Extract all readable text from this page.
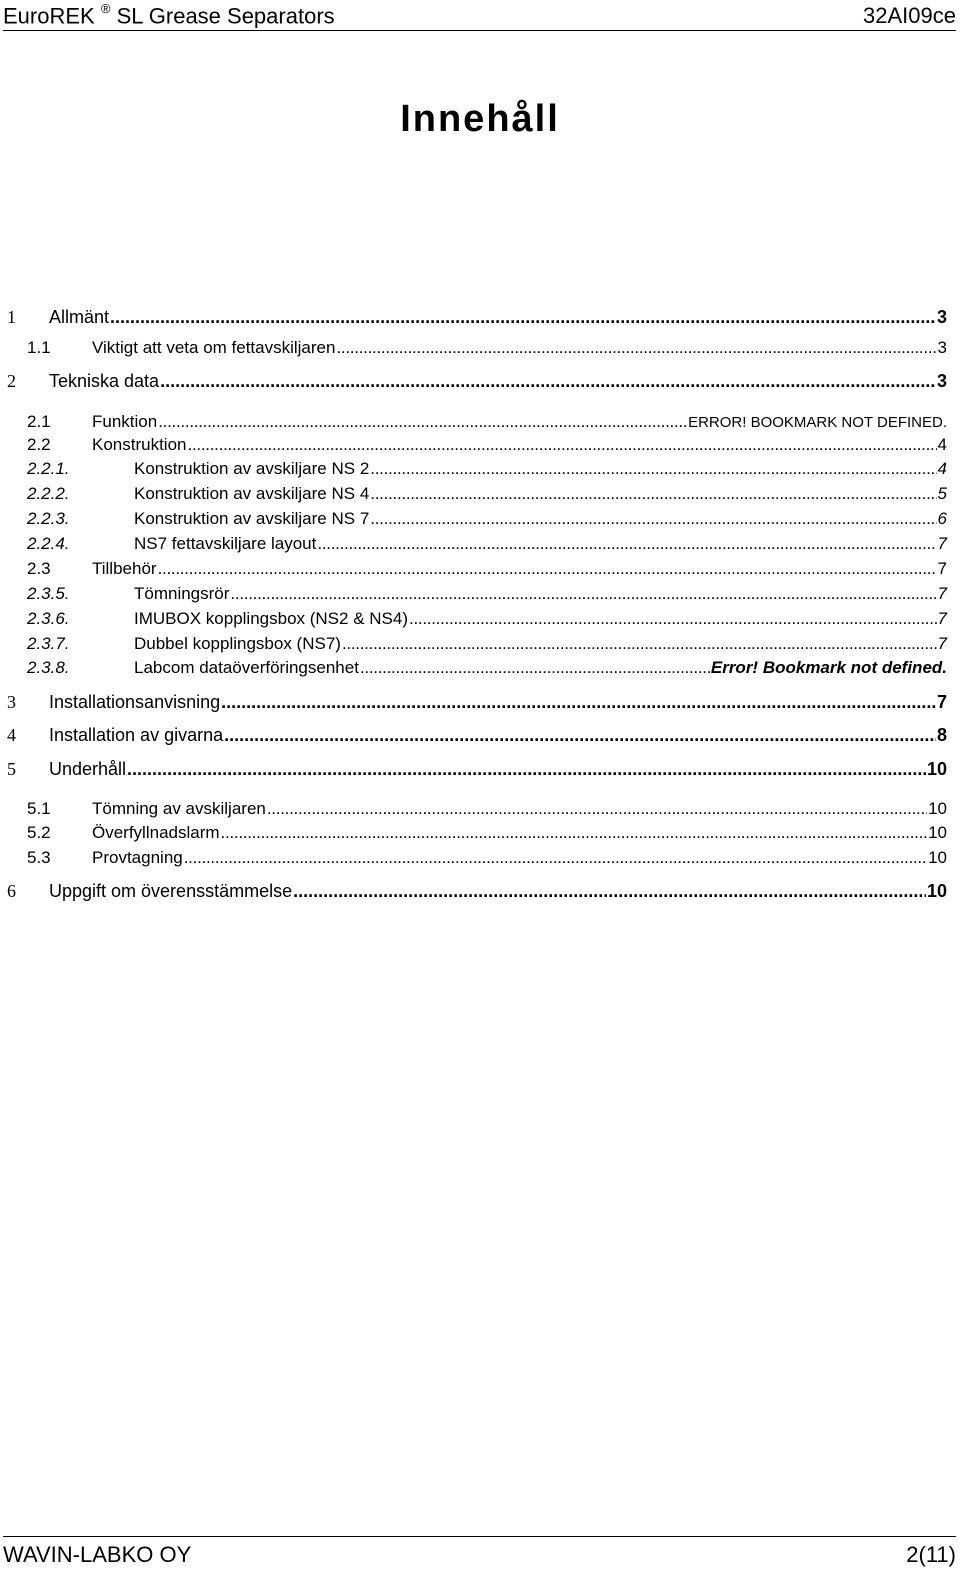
EuroREK ® SL Grease Separators	32AI09ce
Innehåll
1 Allmänt . . .	3
1.1 Viktigt att veta om fettavskiljaren . . .	3
2 Tekniska data . . .	3
2.1 Funktion . . .	ERROR! BOOKMARK NOT DEFINED.
2.2 Konstruktion . . .	4
2.2.1.	Konstruktion av avskiljare NS 2 . . .	4
2.2.2.	Konstruktion av avskiljare NS 4 . . .	5
2.2.3.	Konstruktion av avskiljare NS 7 . . .	6
2.2.4.	NS7 fettavskiljare layout . . .	7
2.3 Tillbehör . . .	7
2.3.5.	Tömningsrör . . .	7
2.3.6.	IMUBOX kopplingsbox (NS2 & NS4) . . .	7
2.3.7.	Dubbel kopplingsbox (NS7) . . .	7
2.3.8.	Labcom dataöverföringsenhet . . .	Error! Bookmark not defined.
3 Installationsanvisning . . .	7
4 Installation av givarna . . .	8
5 Underhåll . . .	10
5.1 Tömning av avskiljaren . . .	10
5.2 Överfyllnadslarm . . .	10
5.3 Provtagning . . .	10
6 Uppgift om överensstämmelse . . .	10
WAVIN-LABKO OY	2(11)
